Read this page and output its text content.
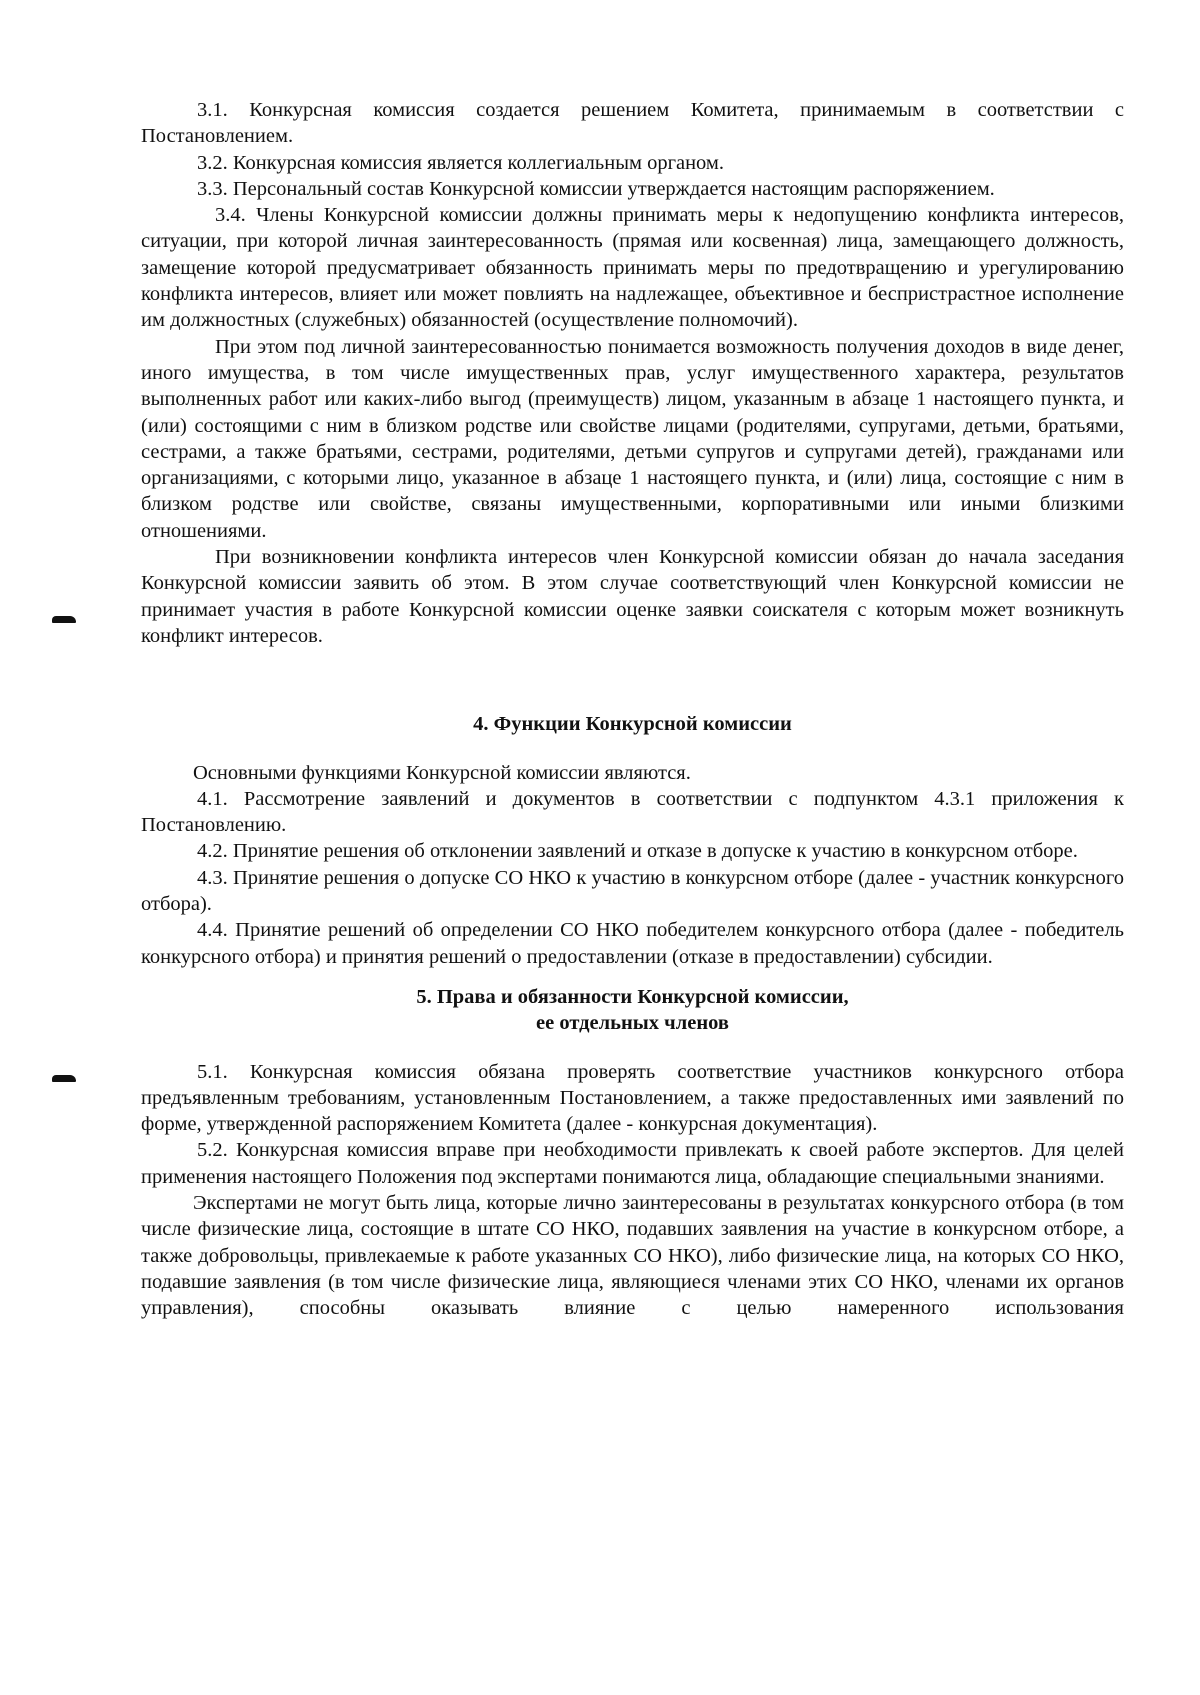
3.1. Конкурсная комиссия создается решением Комитета, принимаемым в соответствии с Постановлением.

3.2. Конкурсная комиссия является коллегиальным органом.

3.3. Персональный состав Конкурсной комиссии утверждается настоящим распоряжением.

3.4. Члены Конкурсной комиссии должны принимать меры к недопущению конфликта интересов, ситуации, при которой личная заинтересованность (прямая или косвенная) лица, замещающего должность, замещение которой предусматривает обязанность принимать меры по предотвращению и урегулированию конфликта интересов, влияет или может повлиять на надлежащее, объективное и беспристрастное исполнение им должностных (служебных) обязанностей (осуществление полномочий).

При этом под личной заинтересованностью понимается возможность получения доходов в виде денег, иного имущества, в том числе имущественных прав, услуг имущественного характера, результатов выполненных работ или каких-либо выгод (преимуществ) лицом, указанным в абзаце 1 настоящего пункта, и (или) состоящими с ним в близком родстве или свойстве лицами (родителями, супругами, детьми, братьями, сестрами, а также братьями, сестрами, родителями, детьми супругов и супругами детей), гражданами или организациями, с которыми лицо, указанное в абзаце 1 настоящего пункта, и (или) лица, состоящие с ним в близком родстве или свойстве, связаны имущественными, корпоративными или иными близкими отношениями.

При возникновении конфликта интересов член Конкурсной комиссии обязан до начала заседания Конкурсной комиссии заявить об этом. В этом случае соответствующий член Конкурсной комиссии не принимает участия в работе Конкурсной комиссии оценке заявки соискателя с которым может возникнуть конфликт интересов.

4. Функции Конкурсной комиссии

Основными функциями Конкурсной комиссии являются.

4.1. Рассмотрение заявлений и документов в соответствии с подпунктом 4.3.1 приложения к Постановлению.

4.2. Принятие решения об отклонении заявлений и отказе в допуске к участию в конкурсном отборе.

4.3. Принятие решения о допуске СО НКО к участию в конкурсном отборе (далее - участник конкурсного отбора).

4.4. Принятие решений об определении СО НКО победителем конкурсного отбора (далее - победитель конкурсного отбора) и принятия решений о предоставлении (отказе в предоставлении) субсидии.

5. Права и обязанности Конкурсной комиссии,

ее отдельных членов

5.1. Конкурсная комиссия обязана проверять соответствие участников конкурсного отбора предъявленным требованиям, установленным Постановлением, а также предоставленных ими заявлений по форме, утвержденной распоряжением Комитета (далее - конкурсная документация).

5.2. Конкурсная комиссия вправе при необходимости привлекать к своей работе экспертов. Для целей применения настоящего Положения под экспертами понимаются лица, обладающие специальными знаниями.

Экспертами не могут быть лица, которые лично заинтересованы в результатах конкурсного отбора (в том числе физические лица, состоящие в штате СО НКО, подавших заявления на участие в конкурсном отборе, а также добровольцы, привлекаемые к работе указанных СО НКО), либо физические лица, на которых СО НКО, подавшие заявления (в том числе физические лица, являющиеся членами этих СО НКО, членами их органов управления), способны оказывать влияние с целью намеренного использования
